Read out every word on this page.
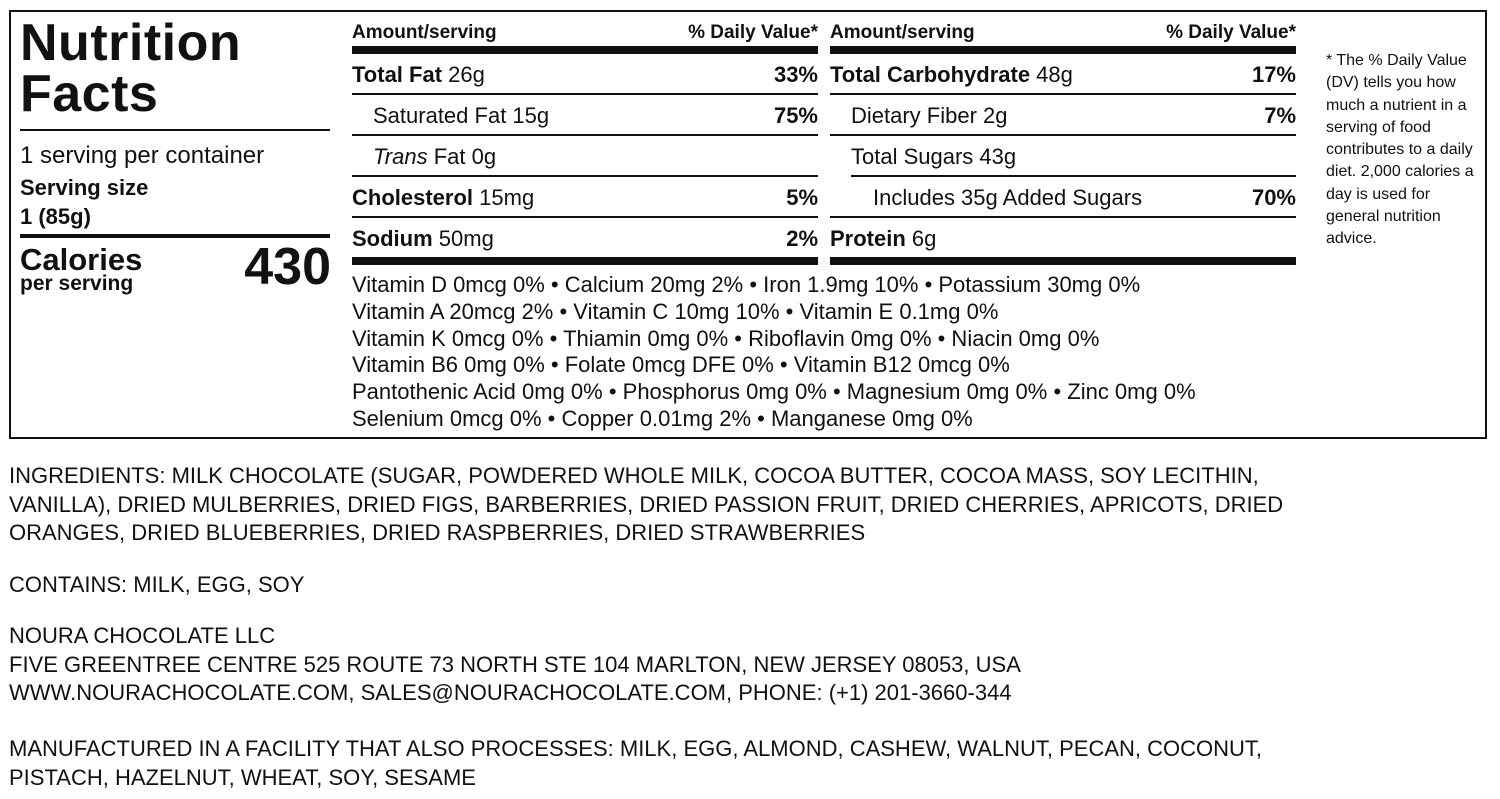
Nutrition
Facts
1 serving per container
Serving size
1 (85g)
Calories
per serving	430
Amount/serving	% Daily Value*
Total Fat 26g	33%
Saturated Fat 15g	75%
Trans Fat 0g
Cholesterol 15mg	5%
Sodium 50mg	2%
Amount/serving	% Daily Value*
Total Carbohydrate 48g	17%
Dietary Fiber 2g	7%
Total Sugars 43g
Includes 35g Added Sugars	70%
Protein 6g
Vitamin D 0mcg 0% • Calcium 20mg 2% • Iron 1.9mg 10% • Potassium 30mg 0%
Vitamin A 20mcg 2% • Vitamin C 10mg 10% • Vitamin E 0.1mg 0%
Vitamin K 0mcg 0% • Thiamin 0mg 0% • Riboflavin 0mg 0% • Niacin 0mg 0%
Vitamin B6 0mg 0% • Folate 0mcg DFE 0% • Vitamin B12 0mcg 0%
Pantothenic Acid 0mg 0% • Phosphorus 0mg 0% • Magnesium 0mg 0% • Zinc 0mg 0%
Selenium 0mcg 0% • Copper 0.01mg 2% • Manganese 0mg 0%
* The % Daily Value (DV) tells you how much a nutrient in a serving of food contributes to a daily diet. 2,000 calories a day is used for general nutrition advice.
INGREDIENTS: MILK CHOCOLATE (SUGAR, POWDERED WHOLE MILK, COCOA BUTTER, COCOA MASS, SOY LECITHIN,
VANILLA), DRIED MULBERRIES, DRIED FIGS, BARBERRIES, DRIED PASSION FRUIT, DRIED CHERRIES, APRICOTS, DRIED
ORANGES, DRIED BLUEBERRIES, DRIED RASPBERRIES, DRIED STRAWBERRIES
CONTAINS: MILK, EGG, SOY
NOURA CHOCOLATE LLC
FIVE GREENTREE CENTRE 525 ROUTE 73 NORTH STE 104 MARLTON, NEW JERSEY 08053, USA
WWW.NOURACHOCOLATE.COM, SALES@NOURACHOCOLATE.COM, PHONE: (+1) 201-3660-344
MANUFACTURED IN A FACILITY THAT ALSO PROCESSES: MILK, EGG, ALMOND, CASHEW, WALNUT, PECAN, COCONUT,
PISTACH, HAZELNUT, WHEAT, SOY, SESAME
